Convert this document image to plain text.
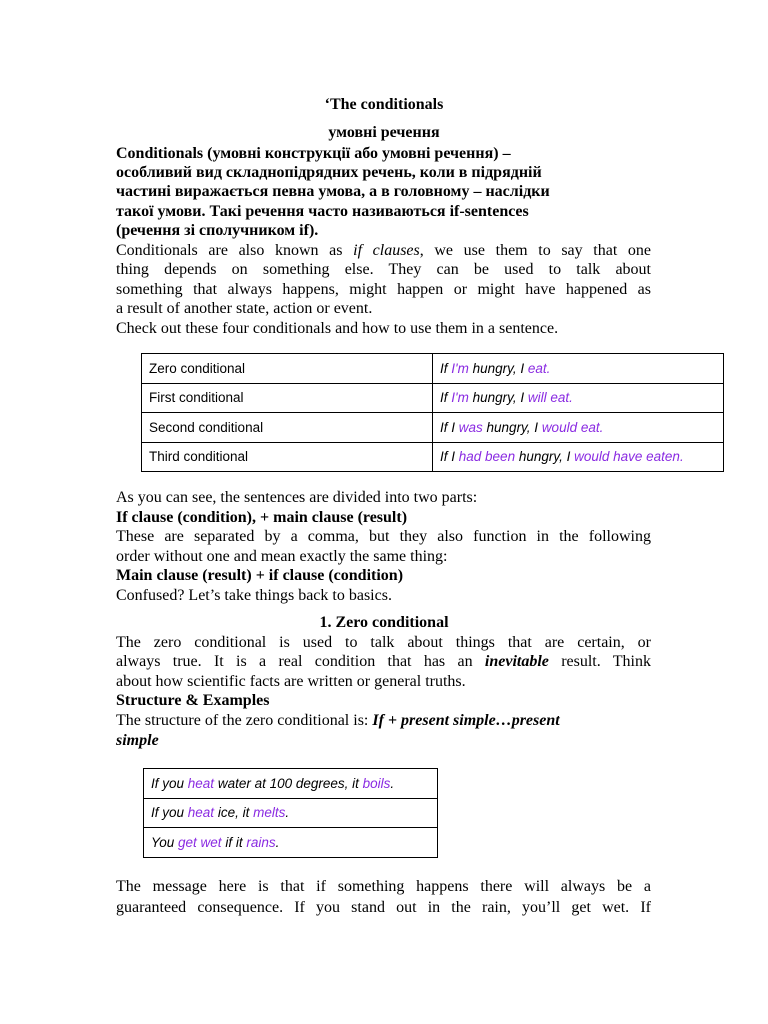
‘The conditionals
умовні речення
Conditionals (умовні конструкції або умовні речення) –
особливий вид складнопідрядних речень, коли в підрядній
частині виражається певна умова, а в головному – наслідки
такої умови. Такі речення часто називаються if-sentences
(речення зі сполучником if).
Conditionals are also known as if clauses, we use them to say that one
thing depends on something else. They can be used to talk about
something that always happens, might happen or might have happened as
a result of another state, action or event.
Check out these four conditionals and how to use them in a sentence.
Zero conditional	If I'm hungry, I eat.
First conditional	If I'm hungry, I will eat.
Second conditional	If I was hungry, I would eat.
Third conditional	If I had been hungry, I would have eaten.
As you can see, the sentences are divided into two parts:
If clause (condition), + main clause (result)
These are separated by a comma, but they also function in the following
order without one and mean exactly the same thing:
Main clause (result) + if clause (condition)
Confused? Let’s take things back to basics.
1. Zero conditional
The zero conditional is used to talk about things that are certain, or
always true. It is a real condition that has an inevitable result. Think
about how scientific facts are written or general truths.
Structure & Examples
The structure of the zero conditional is: If + present simple…present
simple
If you heat water at 100 degrees, it boils.
If you heat ice, it melts.
You get wet if it rains.
The message here is that if something happens there will always be a
guaranteed consequence. If you stand out in the rain, you’ll get wet. If
